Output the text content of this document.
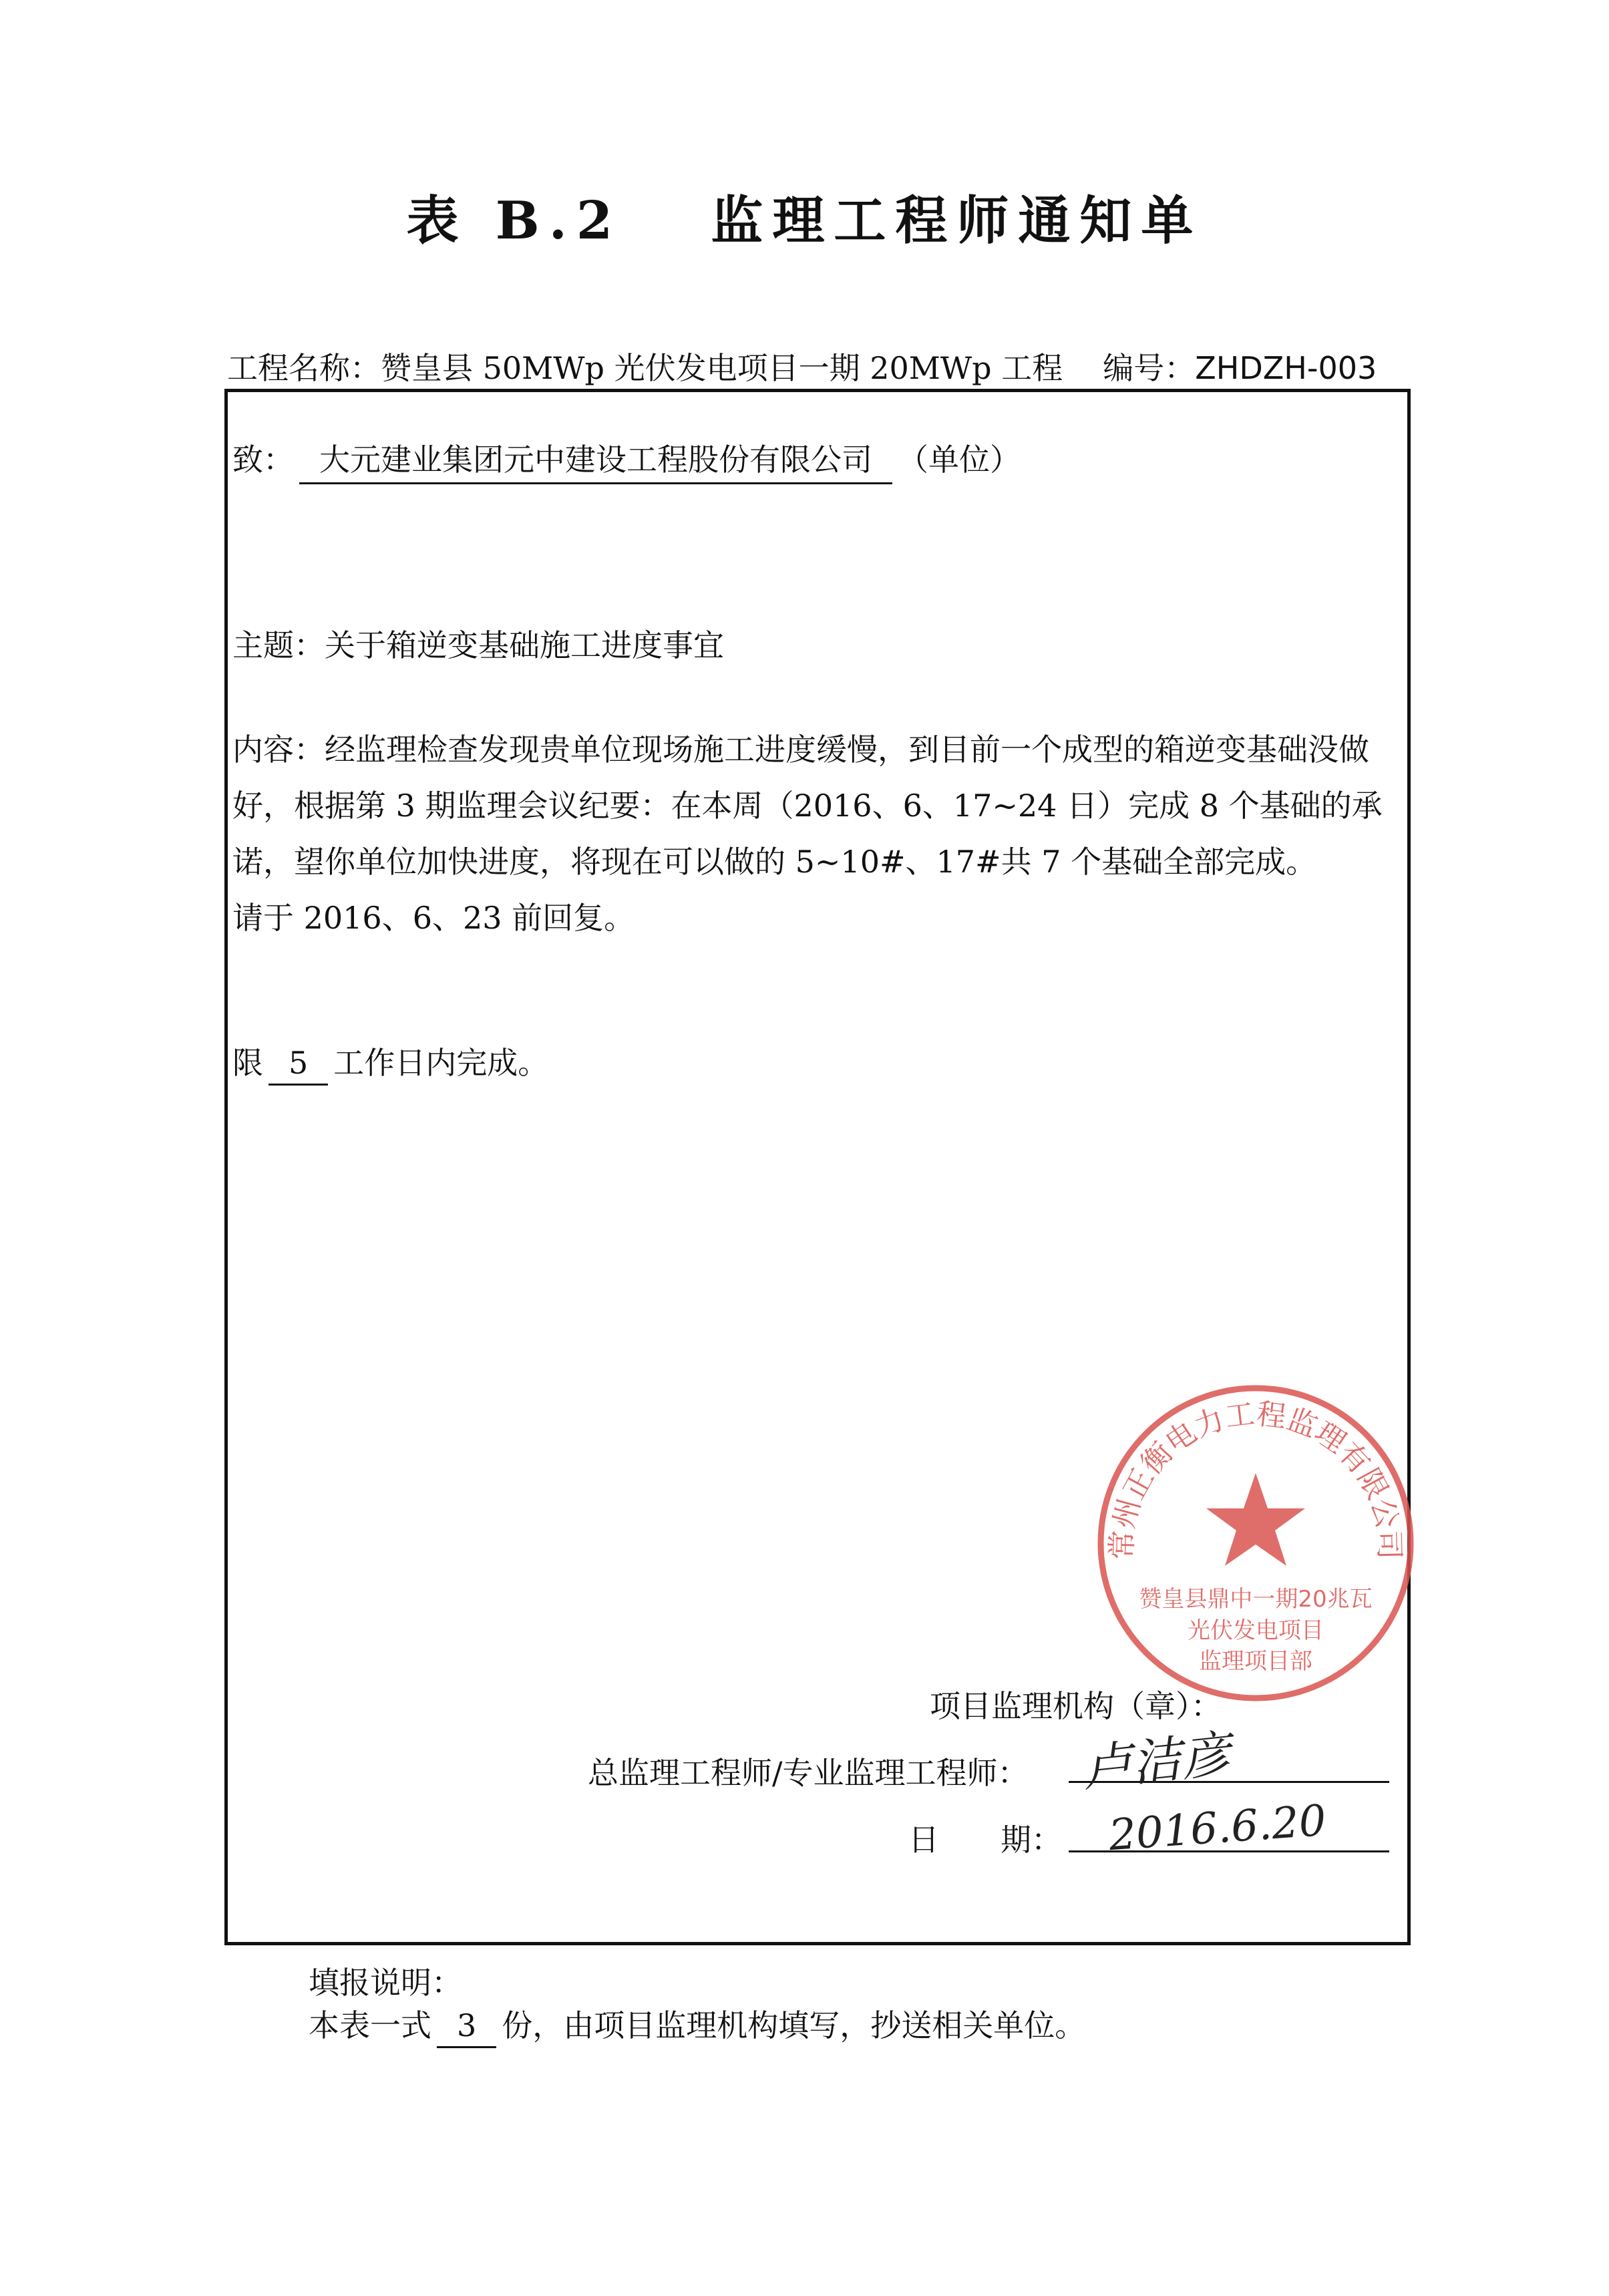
表 B.2　 监理工程师通知单
工程名称：赞皇县 50MWp 光伏发电项目一期 20MWp 工程 编号：ZHDZH-003
致： 大元建业集团元中建设工程股份有限公司 （单位）
主题：关于箱逆变基础施工进度事宜
内容：经监理检查发现贵单位现场施工进度缓慢，到目前一个成型的箱逆变基础没做好，根据第 3 期监理会议纪要：在本周（2016、6、17~24 日）完成 8 个基础的承诺，望你单位加快进度，将现在可以做的 5~10#、17#共 7 个基础全部完成。
请于 2016、6、23 前回复。
限 5 工作日内完成。
常州正衡电力工程监理有限公司
赞皇县鼎中一期20兆瓦
光伏发电项目
监理项目部
项目监理机构（章）：
总监理工程师/专业监理工程师： 卢洁彦
日　　期： 2016.6.20
填报说明：
本表一式 3 份，由项目监理机构填写，抄送相关单位。
